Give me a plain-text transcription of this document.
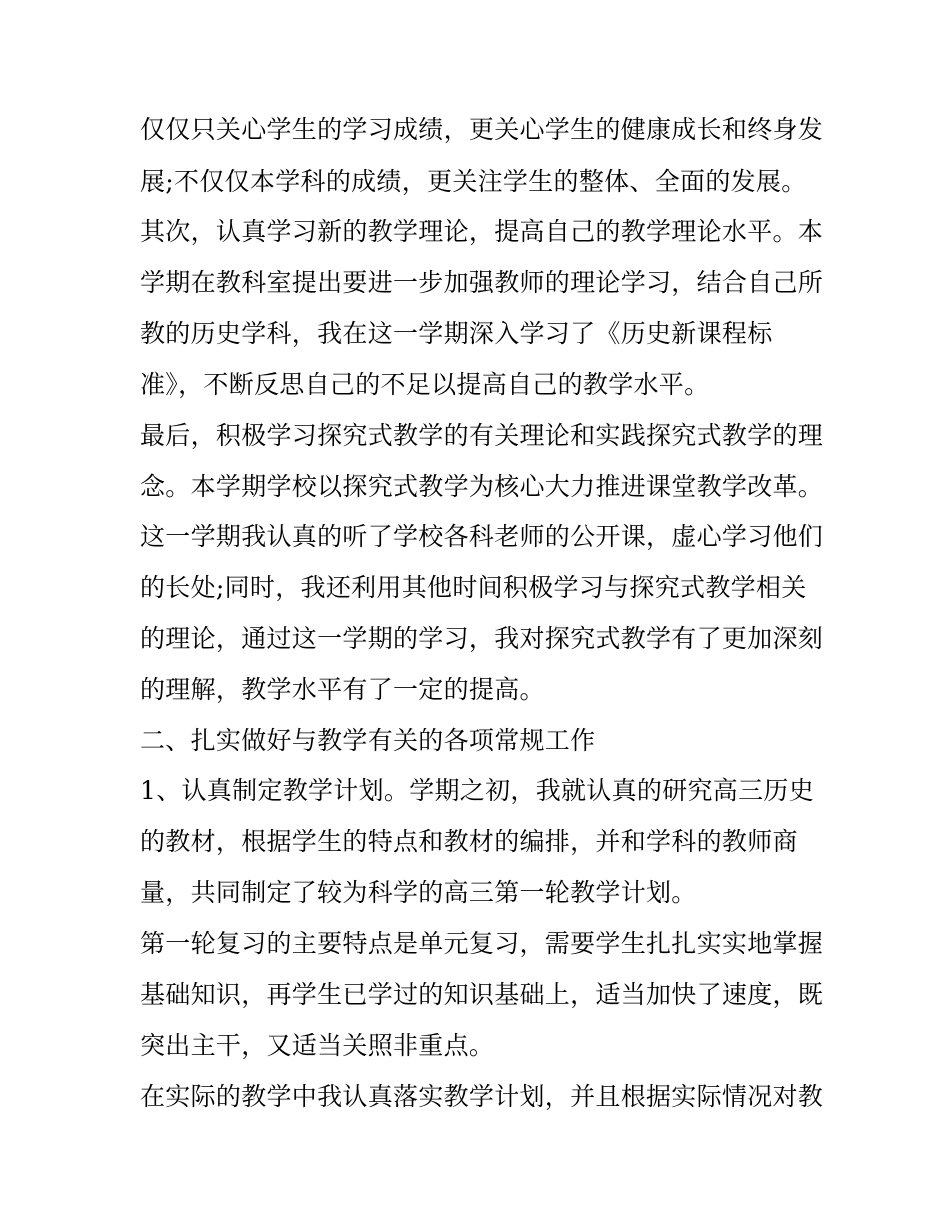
仅仅只关心学生的学习成绩，更关心学生的健康成长和终身发
展;不仅仅本学科的成绩，更关注学生的整体、全面的发展。
其次，认真学习新的教学理论，提高自己的教学理论水平。本
学期在教科室提出要进一步加强教师的理论学习，结合自己所
教的历史学科，我在这一学期深入学习了《历史新课程标
准》，不断反思自己的不足以提高自己的教学水平。
最后，积极学习探究式教学的有关理论和实践探究式教学的理
念。本学期学校以探究式教学为核心大力推进课堂教学改革。
这一学期我认真的听了学校各科老师的公开课，虚心学习他们
的长处;同时，我还利用其他时间积极学习与探究式教学相关
的理论，通过这一学期的学习，我对探究式教学有了更加深刻
的理解，教学水平有了一定的提高。
二、扎实做好与教学有关的各项常规工作
1、认真制定教学计划。学期之初，我就认真的研究高三历史
的教材，根据学生的特点和教材的编排，并和学科的教师商
量，共同制定了较为科学的高三第一轮教学计划。
第一轮复习的主要特点是单元复习，需要学生扎扎实实地掌握
基础知识，再学生已学过的知识基础上，适当加快了速度，既
突出主干，又适当关照非重点。
在实际的教学中我认真落实教学计划，并且根据实际情况对教
